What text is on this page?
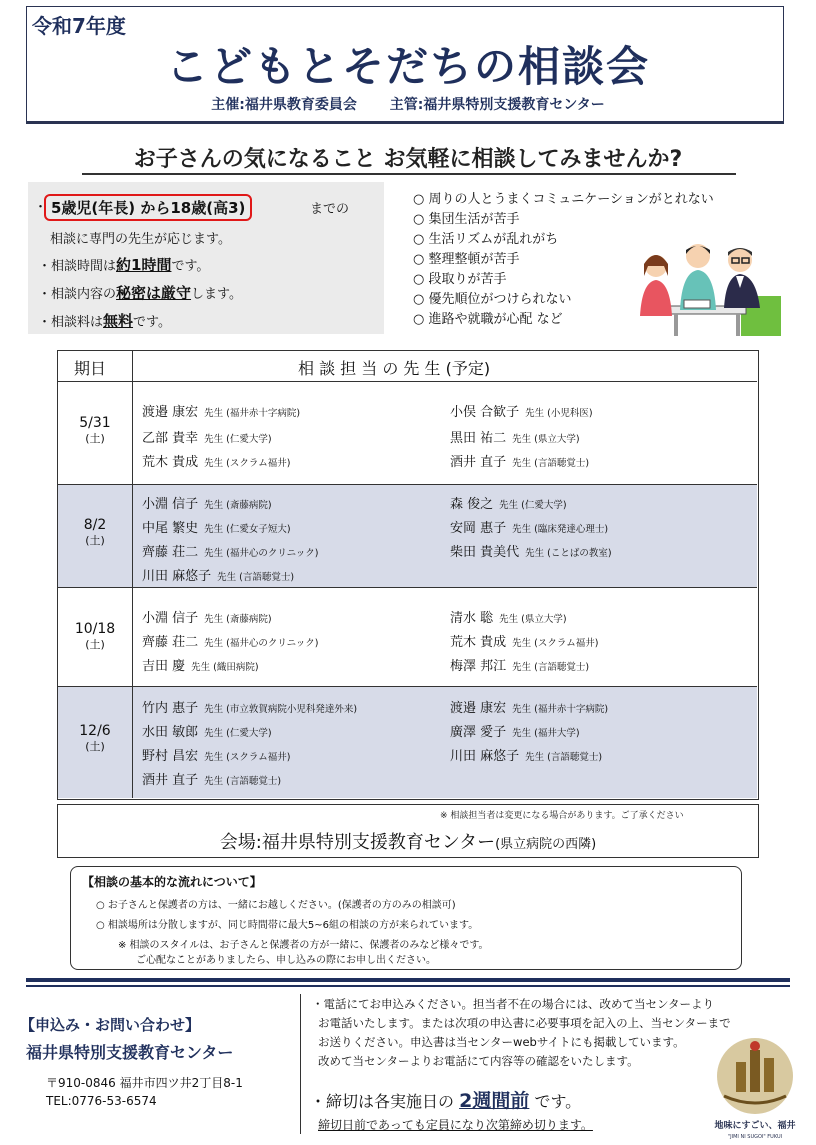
令和7年度
こどもとそだちの相談会
主催:福井県教育委員会 主管:福井県特別支援教育センター
お子さんの気になること お気軽に相談してみませんか?
・ 5歳児(年長) から18歳(高3)	までの
相談に専門の先生が応じます。
・相談時間は約1時間です。
・相談内容の秘密は厳守します。
・相談料は無料です。
○ 周りの人とうまくコミュニケーションがとれない
○ 集団生活が苦手
○ 生活リズムが乱れがち
○ 整理整頓が苦手
○ 段取りが苦手
○ 優先順位がつけられない
○ 進路や就職が心配 など
期日	相 談 担 当 の 先 生 (予定)
5/31
(土)
渡邉 康宏 先生 (福井赤十字病院)	小俣 合歓子 先生 (小児科医)
乙部 貴幸 先生 (仁愛大学)	黒田 祐二 先生 (県立大学)
荒木 貴成 先生 (スクラム福井)	酒井 直子 先生 (言語聴覚士)
8/2
(土)
小淵 信子 先生 (斎藤病院)	森 俊之 先生 (仁愛大学)
中尾 繁史 先生 (仁愛女子短大)	安岡 惠子 先生 (臨床発達心理士)
齊藤 荘二 先生 (福井心のクリニック)	柴田 貴美代 先生 (ことばの教室)
川田 麻悠子 先生 (言語聴覚士)
10/18
(土)
小淵 信子 先生 (斎藤病院)	清水 聡 先生 (県立大学)
齊藤 荘二 先生 (福井心のクリニック)	荒木 貴成 先生 (スクラム福井)
吉田 慶 先生 (織田病院)	梅澤 邦江 先生 (言語聴覚士)
12/6
(土)
竹内 惠子 先生 (市立敦賀病院小児科発達外来)	渡邉 康宏 先生 (福井赤十字病院)
水田 敏郎 先生 (仁愛大学)	廣澤 愛子 先生 (福井大学)
野村 昌宏 先生 (スクラム福井)	川田 麻悠子 先生 (言語聴覚士)
酒井 直子 先生 (言語聴覚士)
※ 相談担当者は変更になる場合があります。ご了承ください
会場:福井県特別支援教育センター(県立病院の西隣)
【相談の基本的な流れについて】
○ お子さんと保護者の方は、一緒にお越しください。(保護者の方のみの相談可)
○ 相談場所は分散しますが、同じ時間帯に最大5~6組の相談の方が来られています。
※ 相談のスタイルは、お子さんと保護者の方が一緒に、保護者のみなど様々です。
ご心配なことがありましたら、申し込みの際にお申し出ください。
【申込み・お問い合わせ】
福井県特別支援教育センター
〒910-0846 福井市四ツ井2丁目8-1
TEL:0776-53-6574
・電話にてお申込みください。担当者不在の場合には、改めて当センターより
お電話いたします。または次項の申込書に必要事項を記入の上、当センターまで
お送りください。申込書は当センターwebサイトにも掲載しています。
改めて当センターよりお電話にて内容等の確認をいたします。
・締切は各実施日の 2週間前 です。
締切日前であっても定員になり次第締め切ります。	地味にすごい、福井
"JIMI NI SUGOI" FUKUI
